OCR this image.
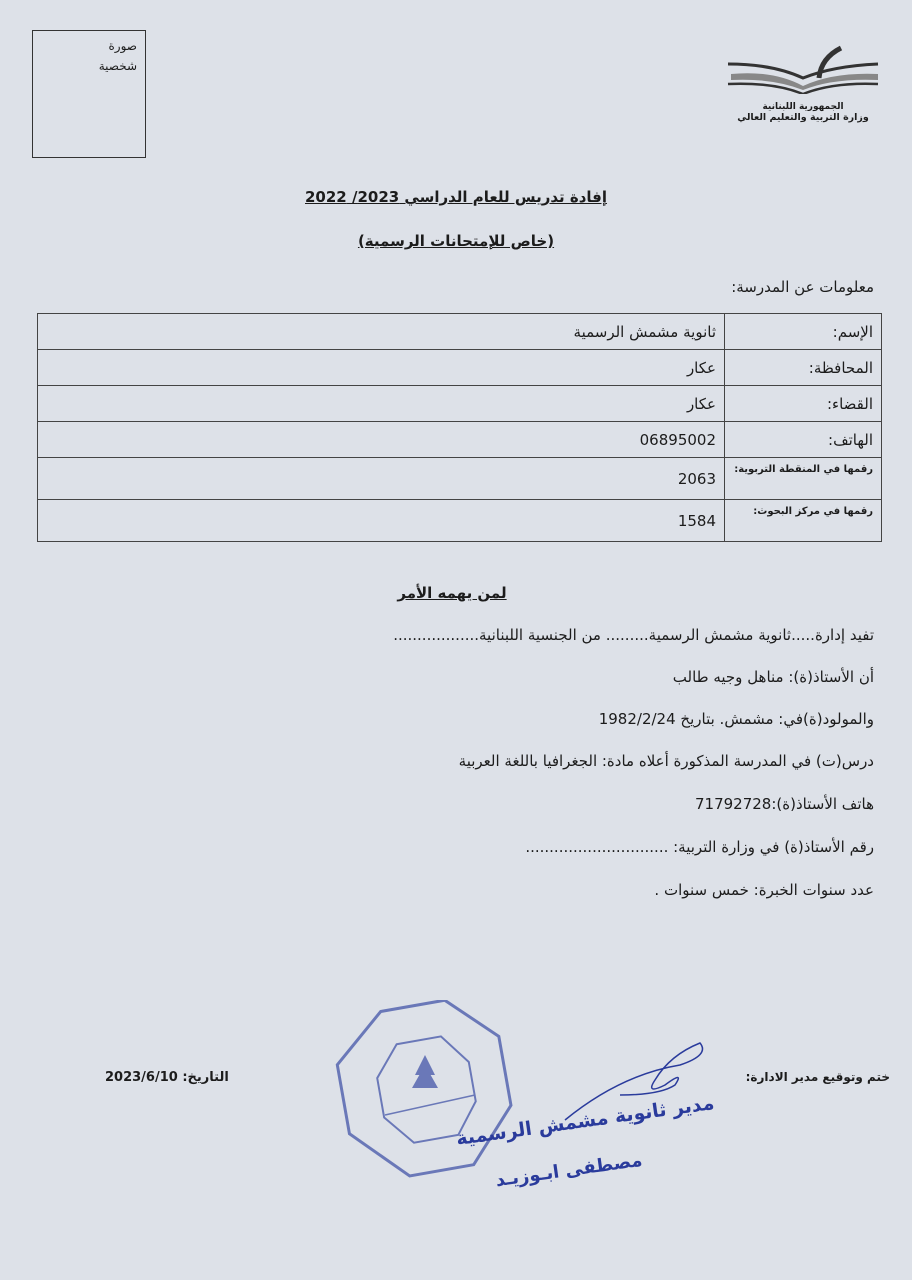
صورة
شخصية
الجمهورية اللبنانية
وزارة التربية والتعليم العالي
إفادة تدريس للعام الدراسي 2023/ 2022
(خاص للإمتحانات الرسمية)
معلومات عن المدرسة:
الإسم:	ثانوية مشمش الرسمية
المحافظة:	عكار
القضاء:	عكار
الهاتف:	06895002
رقمها في المنقطة التربوية:	2063
رقمها في مركز البحوث:	1584
لمن يهمه الأمر
تفيد إدارة.....ثانوية مشمش الرسمية......... من الجنسية اللبنانية..................
أن الأستاذ(ة): مناهل وجيه طالب
والمولود(ة)في: مشمش. بتاريخ 1982/2/24
درس(ت) في المدرسة المذكورة أعلاه مادة: الجغرافيا باللغة العربية
هاتف الأستاذ(ة):71792728
رقم الأستاذ(ة) في وزارة التربية: ..............................
عدد سنوات الخبرة: خمس سنوات .
ختم وتوقيع مدير الادارة:
التاريخ: 2023/6/10
مدير ثانوية مشمش الرسمية
مصطفى ابـوزيـد
